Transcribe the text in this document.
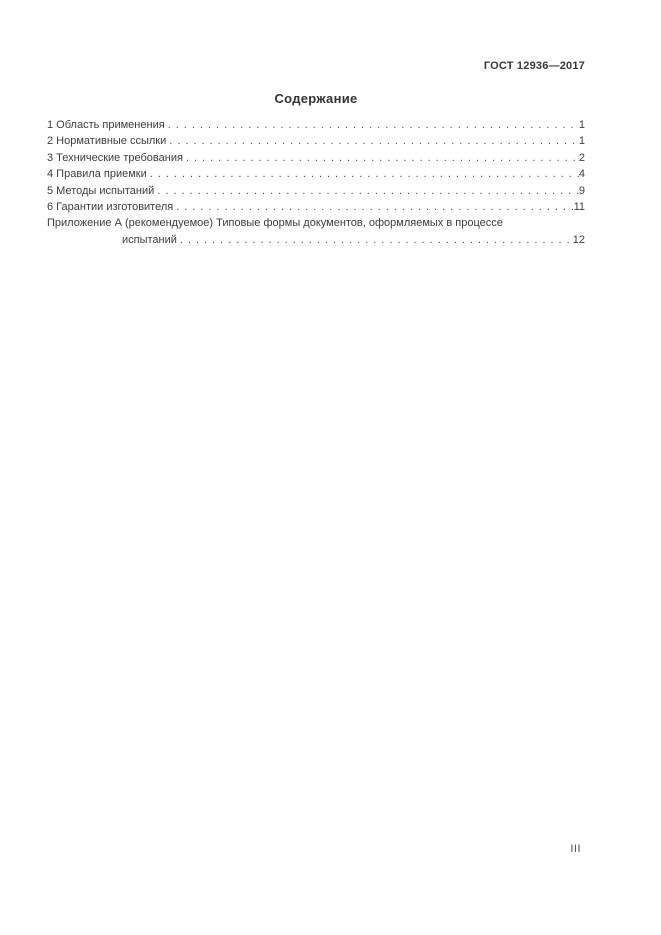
ГОСТ 12936—2017
Содержание
1 Область применения .....	1
2 Нормативные ссылки .....	1
3 Технические требования .....	2
4 Правила приемки .....	4
5 Методы испытаний .....	9
6 Гарантии изготовителя .....	11
Приложение А (рекомендуемое) Типовые формы документов, оформляемых в процессе
испытаний .....	12
III
